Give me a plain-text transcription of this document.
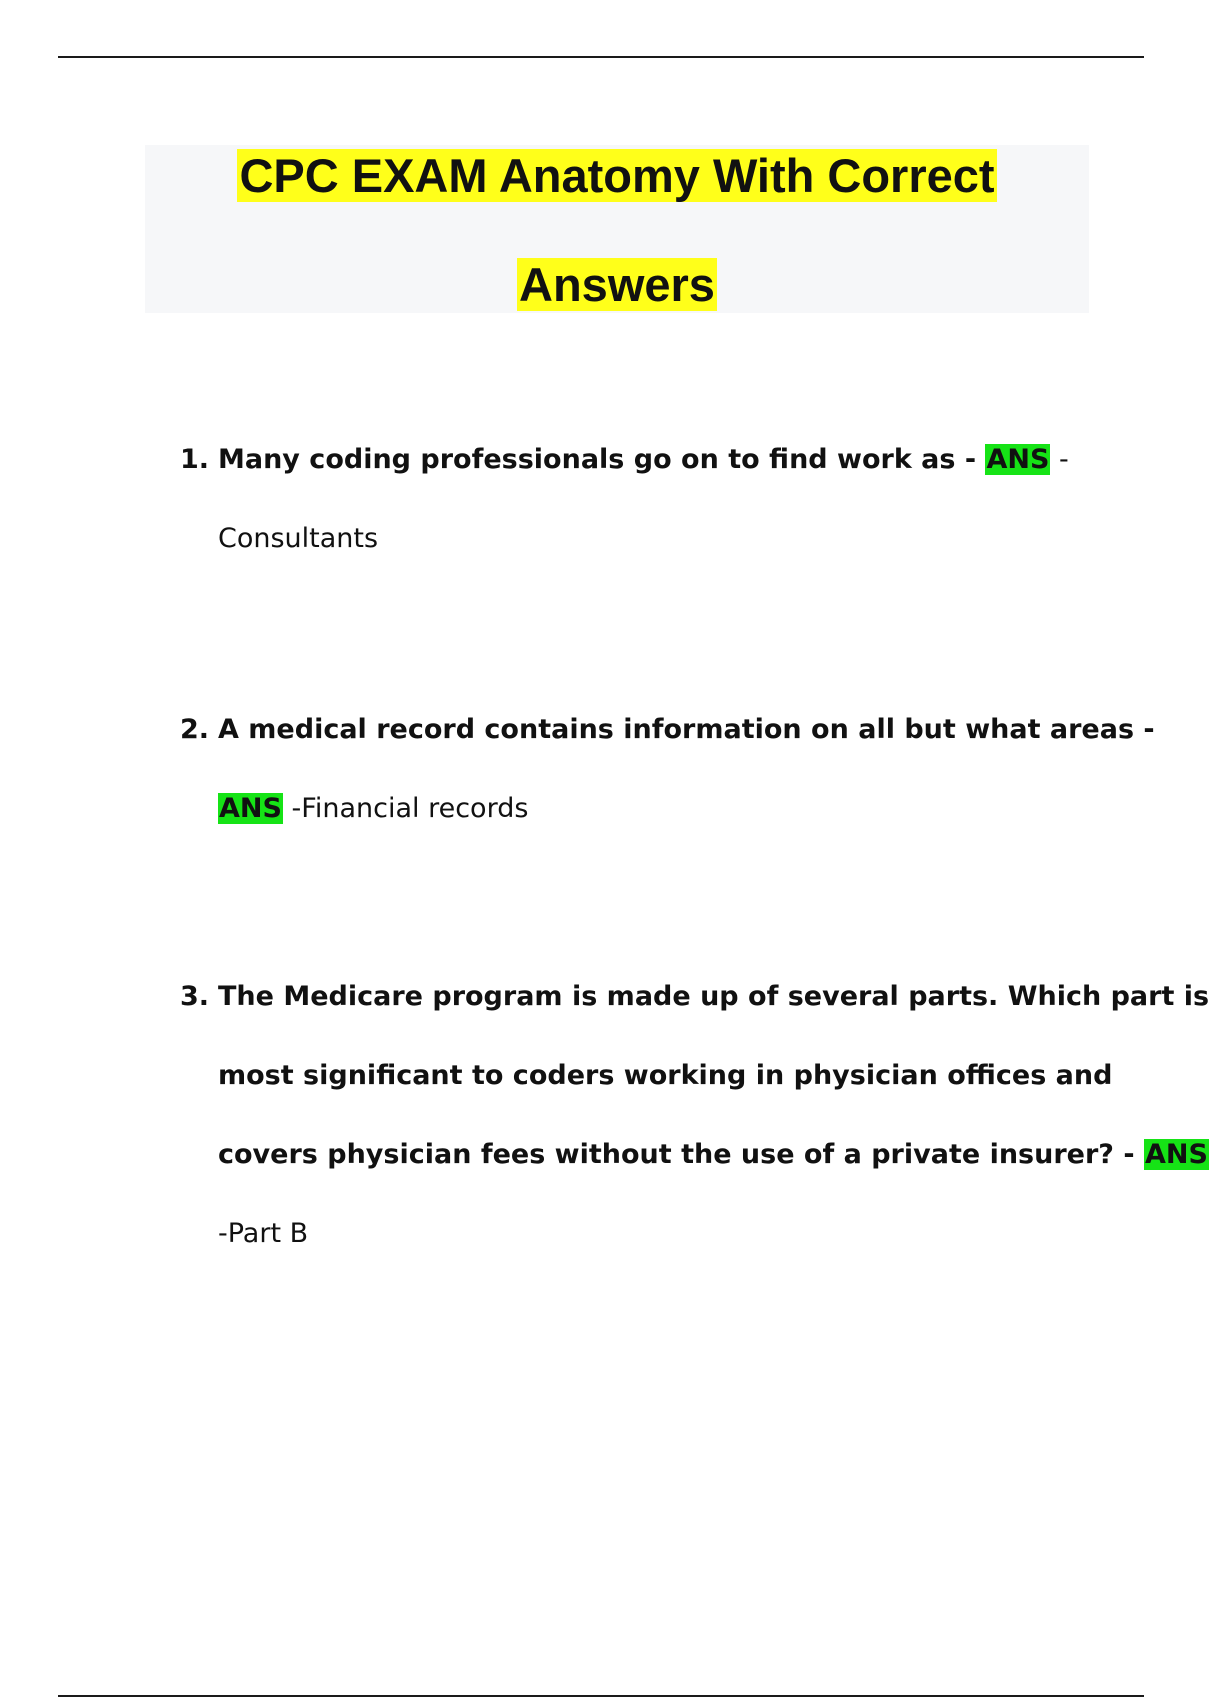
CPC EXAM Anatomy With Correct
Answers
1. Many coding professionals go on to find work as - ANS -
Consultants
2. A medical record contains information on all but what areas -
ANS -Financial records
3. The Medicare program is made up of several parts. Which part is
most significant to coders working in physician offices and
covers physician fees without the use of a private insurer? - ANS
-Part B
